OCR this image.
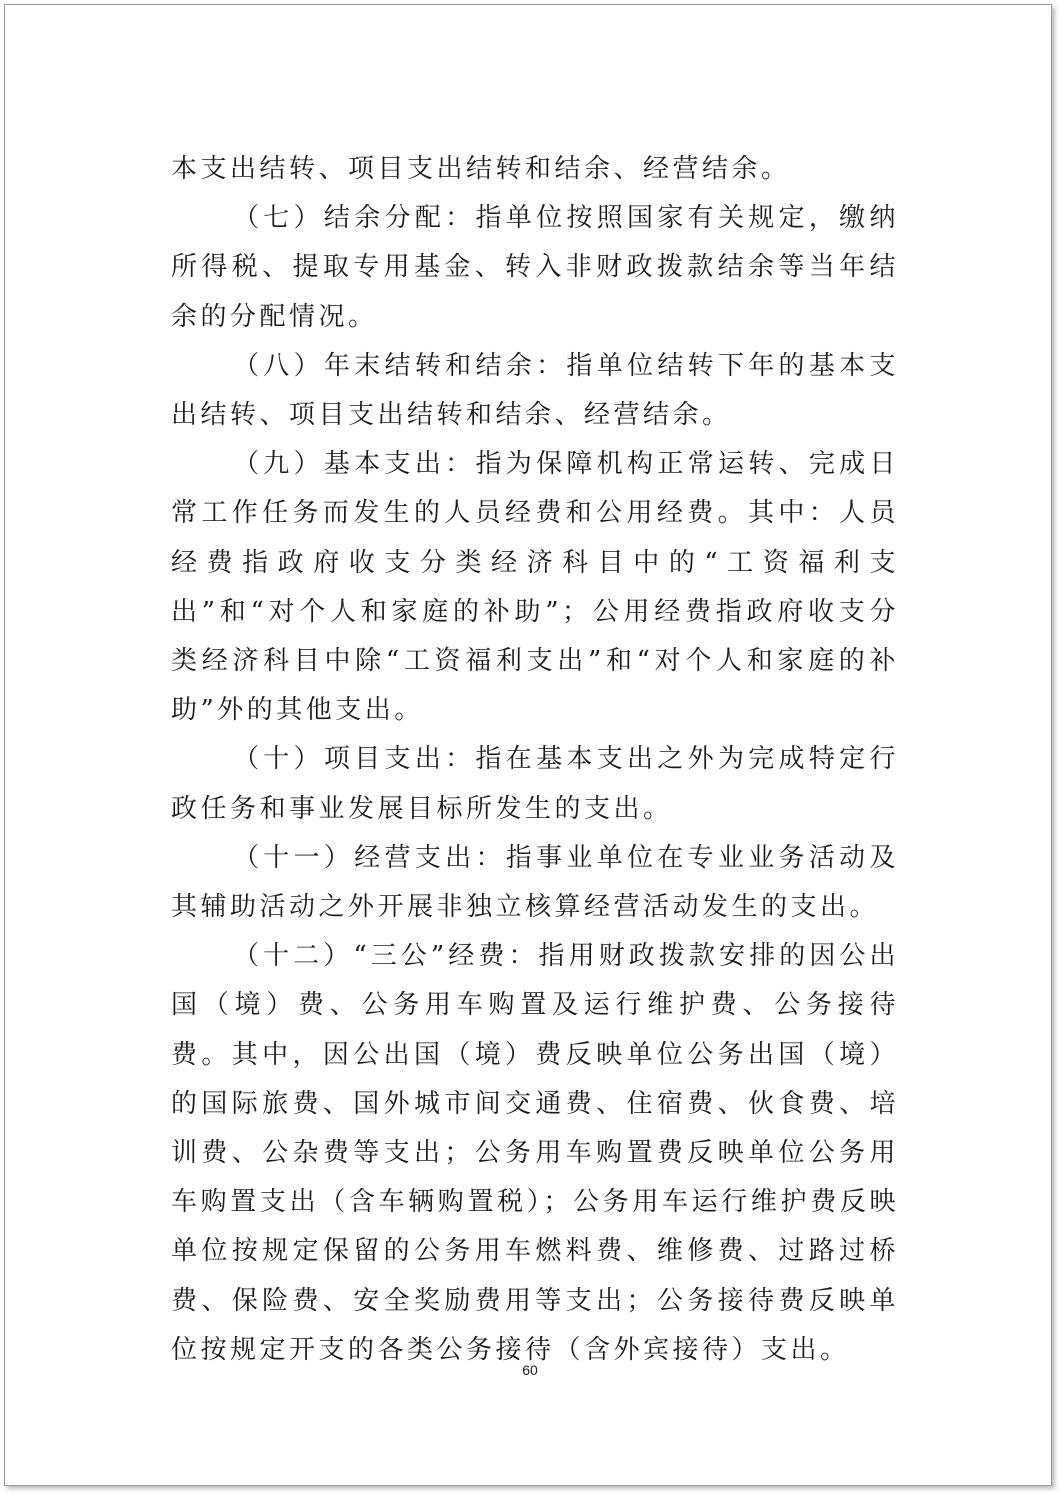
本支出结转、项目支出结转和结余、经营结余。

（七）结余分配：指单位按照国家有关规定，缴纳所得税、提取专用基金、转入非财政拨款结余等当年结余的分配情况。

（八）年末结转和结余：指单位结转下年的基本支出结转、项目支出结转和结余、经营结余。

（九）基本支出：指为保障机构正常运转、完成日常工作任务而发生的人员经费和公用经费。其中：人员经费指政府收支分类经济科目中的“工资福利支出”和“对个人和家庭的补助”；公用经费指政府收支分类经济科目中除“工资福利支出”和“对个人和家庭的补助”外的其他支出。

（十）项目支出：指在基本支出之外为完成特定行政任务和事业发展目标所发生的支出。

（十一）经营支出：指事业单位在专业业务活动及其辅助活动之外开展非独立核算经营活动发生的支出。

（十二）“三公”经费：指用财政拨款安排的因公出国（境）费、公务用车购置及运行维护费、公务接待费。其中，因公出国（境）费反映单位公务出国（境）的国际旅费、国外城市间交通费、住宿费、伙食费、培训费、公杂费等支出；公务用车购置费反映单位公务用车购置支出（含车辆购置税）；公务用车运行维护费反映单位按规定保留的公务用车燃料费、维修费、过路过桥费、保险费、安全奖励费用等支出；公务接待费反映单位按规定开支的各类公务接待（含外宾接待）支出。

60
